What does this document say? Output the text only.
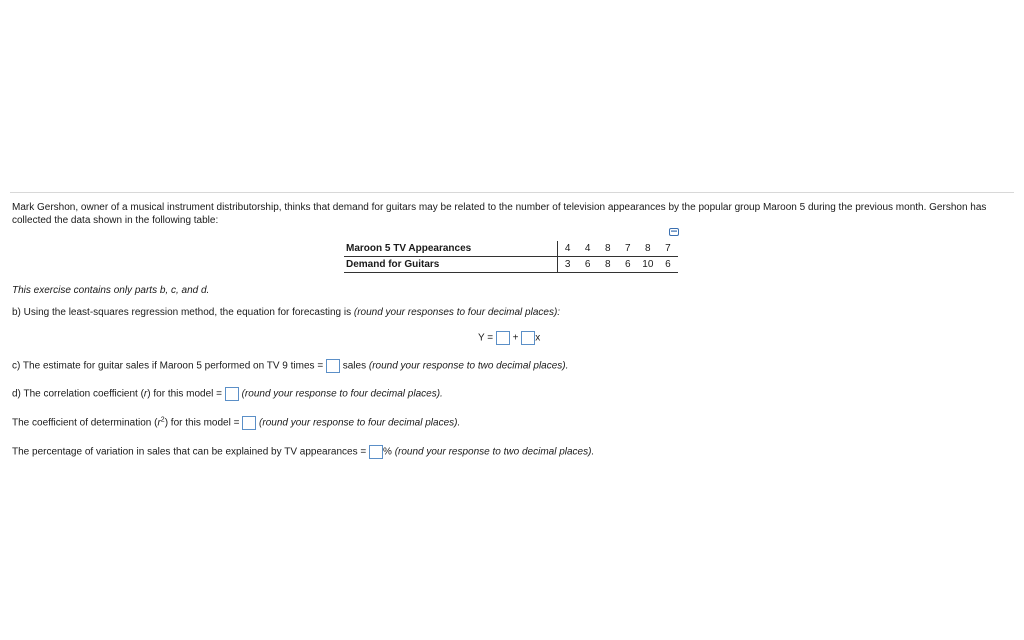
Mark Gershon, owner of a musical instrument distributorship, thinks that demand for guitars may be related to the number of television appearances by the popular group Maroon 5 during the previous month. Gershon has collected the data shown in the following table:
Maroon 5 TV Appearances	4	4	8	7	8	7
Demand for Guitars	3	6	8	6	10	6
This exercise contains only parts b, c, and d.
b) Using the least-squares regression method, the equation for forecasting is (round your responses to four decimal places):
Y = + x
c) The estimate for guitar sales if Maroon 5 performed on TV 9 times = sales (round your response to two decimal places).
d) The correlation coefficient (r) for this model = (round your response to four decimal places).
The coefficient of determination $(r^2)$ for this model = (round your response to four decimal places).
The percentage of variation in sales that can be explained by TV appearances = % (round your response to two decimal places).
